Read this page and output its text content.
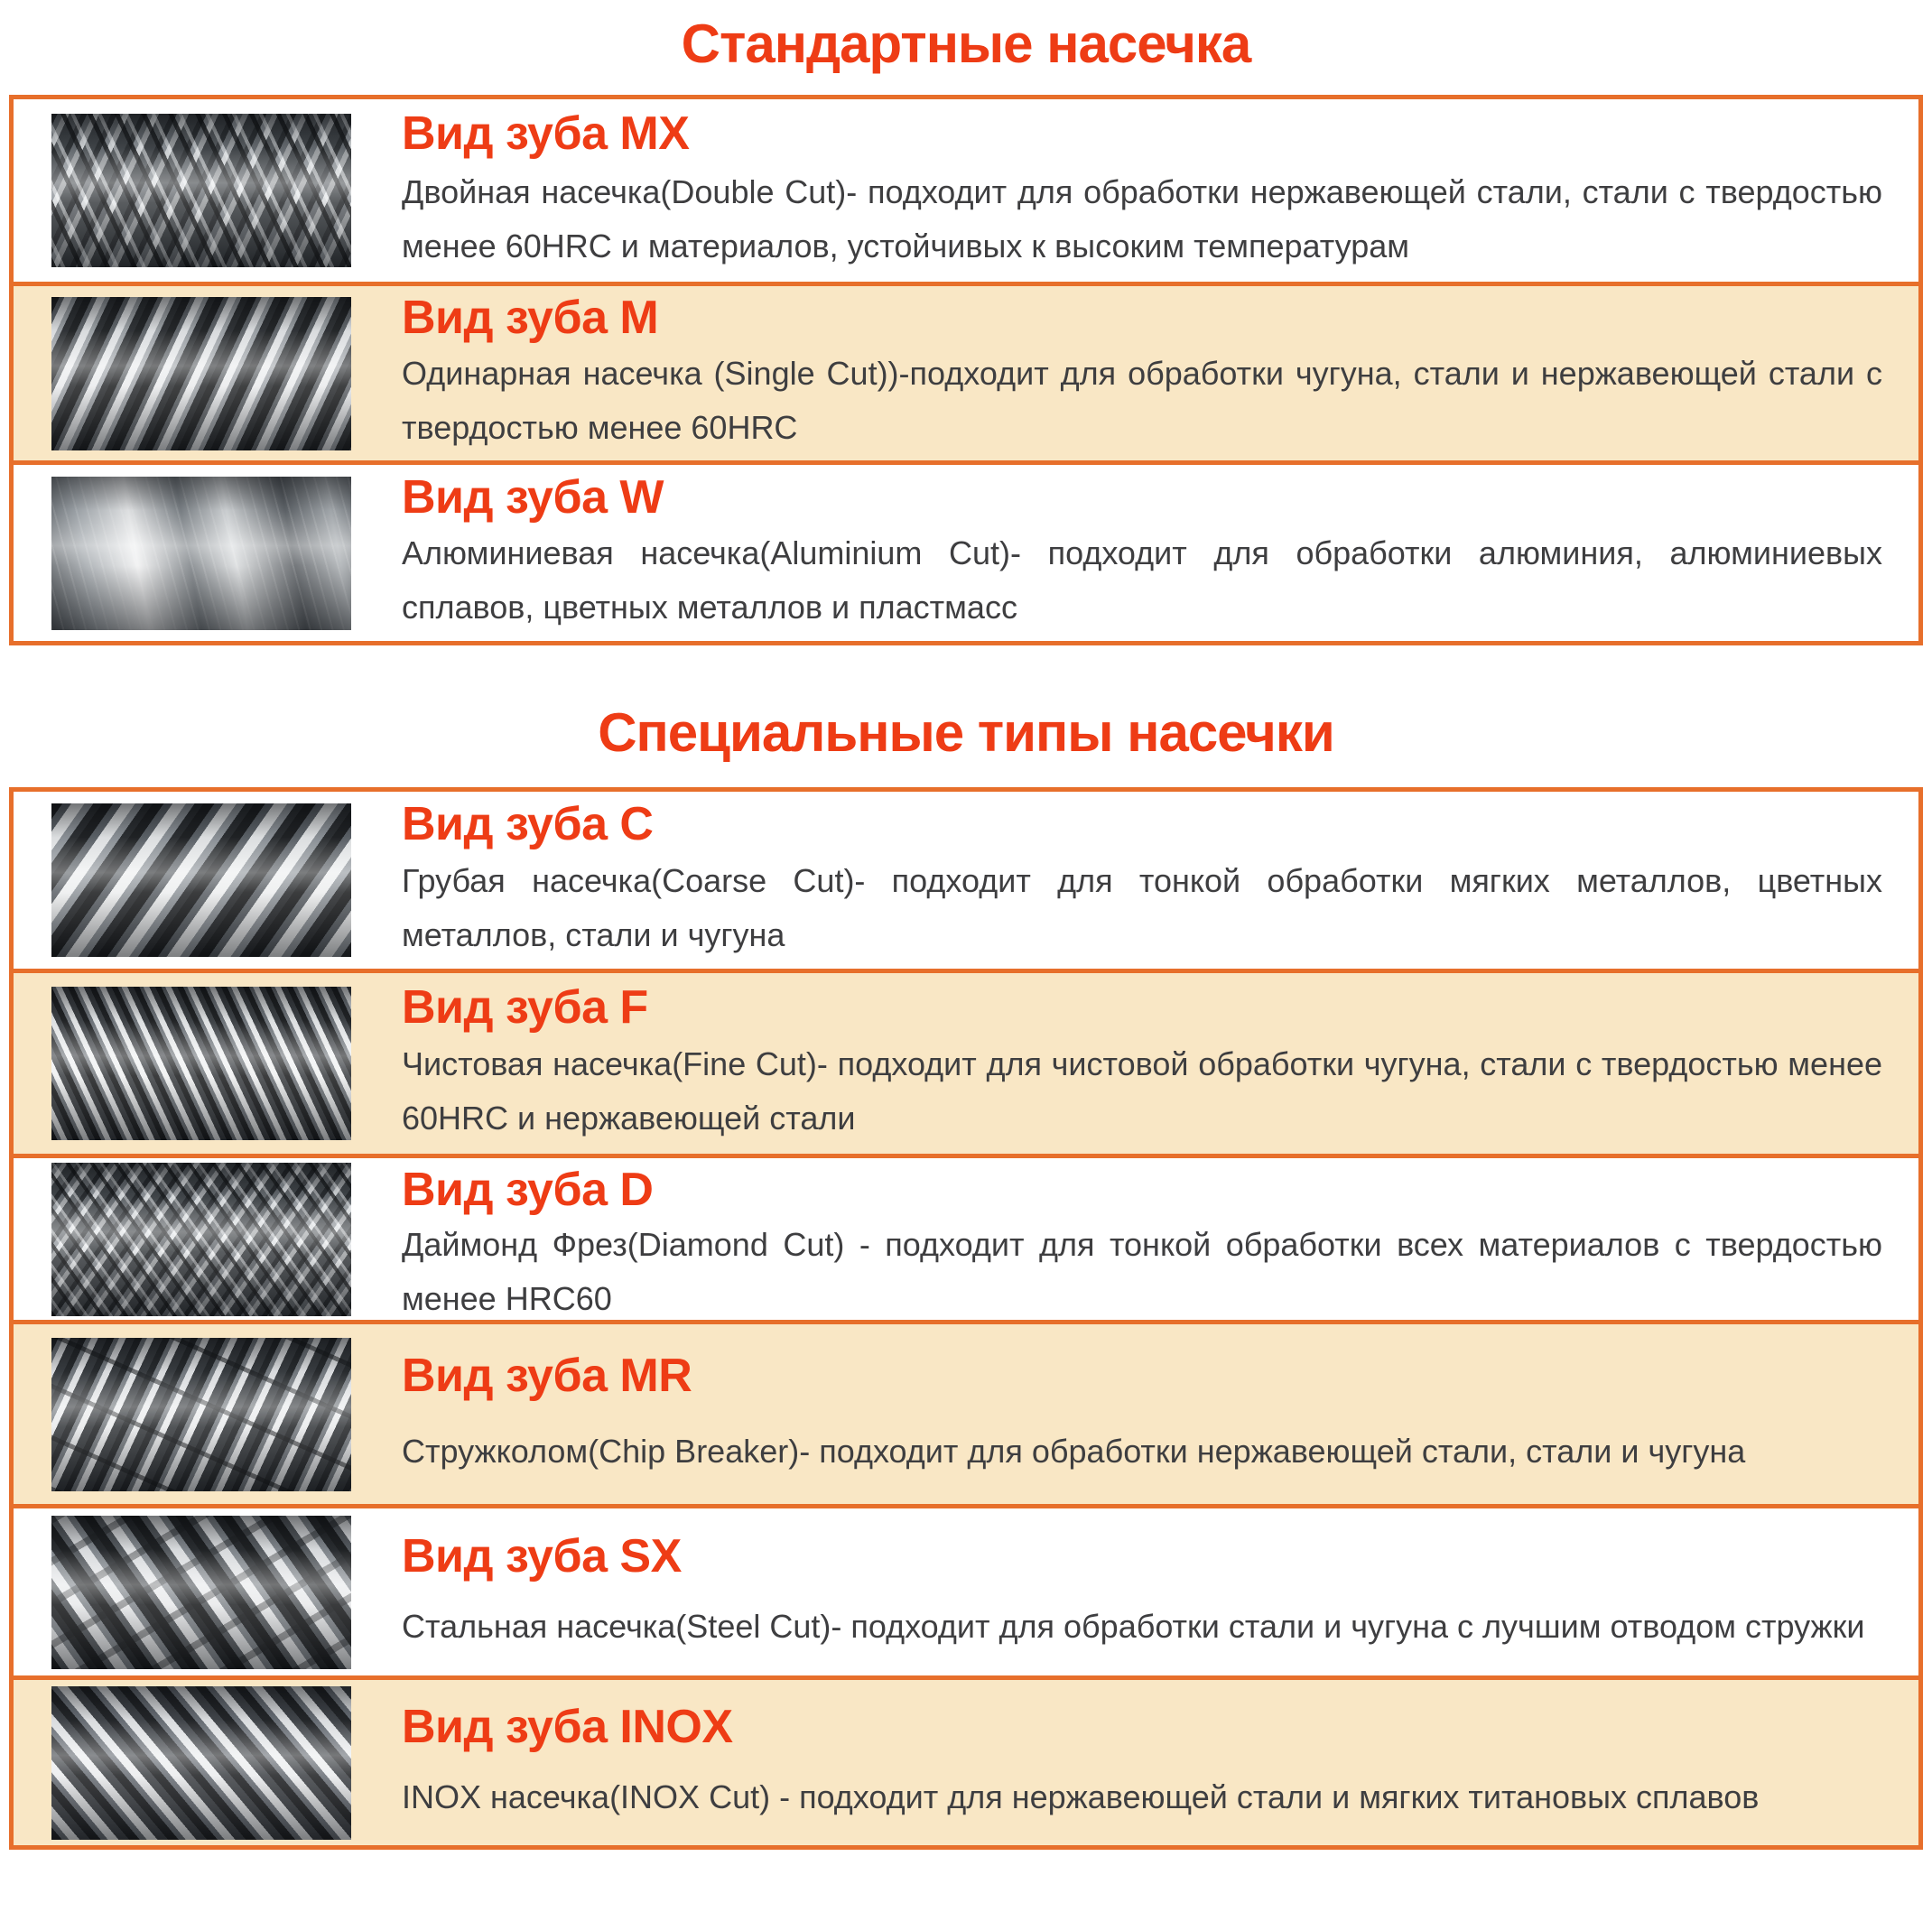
Стандартные насечка
Вид зуба MX

Двойная насечка(Double Cut)- подходит для обработки нержавеющей стали, стали с твердостью менее 60HRC и материалов, устойчивых к высоким температурам

Вид зуба M

Одинарная насечка (Single Cut))-подходит для обработки чугуна, стали и нержавеющей стали с твердостью менее 60HRC

Вид зуба W

Алюминиевая насечка(Aluminium Cut)- подходит для обработки алюминия, алюминиевых сплавов, цветных металлов и пластмасс

Специальные типы насечки
Вид зуба C

Грубая насечка(Coarse Cut)- подходит для тонкой обработки мягких металлов, цветных металлов, стали и чугуна

Вид зуба F

Чистовая насечка(Fine Cut)- подходит для чистовой обработки чугуна, стали с твердостью менее 60HRC и нержавеющей стали

Вид зуба D

Даймонд Фрез(Diamond Cut) - подходит для тонкой обработки всех материалов с твердостью менее HRC60

Вид зуба MR

Стружколом(Chip Breaker)- подходит для обработки нержавеющей стали, стали и чугуна

Вид зуба SX

Стальная насечка(Steel Cut)- подходит для обработки стали и чугуна с лучшим отводом стружки

Вид зуба INOX

INOX насечка(INOX Cut) - подходит для нержавеющей стали и мягких титановых сплавов
